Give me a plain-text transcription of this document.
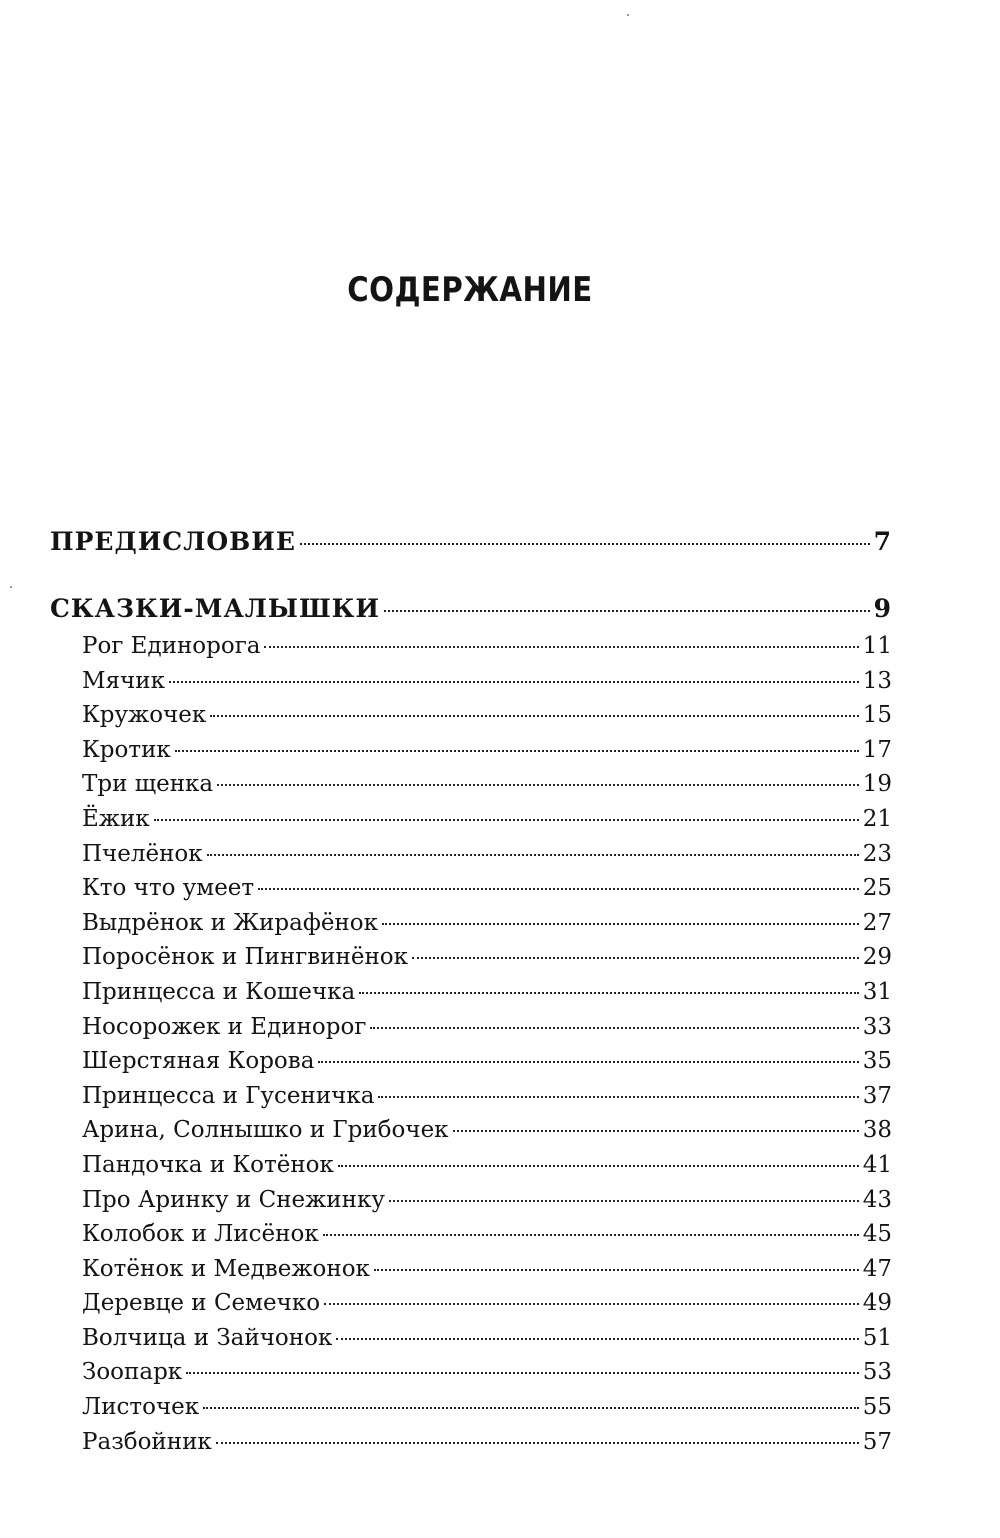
СОДЕРЖАНИЕ
ПРЕДИСЛОВИЕ	7
СКАЗКИ-МАЛЫШКИ	9
Рог Единорога	11
Мячик	13
Кружочек	15
Кротик	17
Три щенка	19
Ёжик	21
Пчелёнок	23
Кто что умеет	25
Выдрёнок и Жирафёнок	27
Поросёнок и Пингвинёнок	29
Принцесса и Кошечка	31
Носорожек и Единорог	33
Шерстяная Корова	35
Принцесса и Гусеничка	37
Арина, Солнышко и Грибочек	38
Пандочка и Котёнок	41
Про Аринку и Снежинку	43
Колобок и Лисёнок	45
Котёнок и Медвежонок	47
Деревце и Семечко	49
Волчица и Зайчонок	51
Зоопарк	53
Листочек	55
Разбойник	57
